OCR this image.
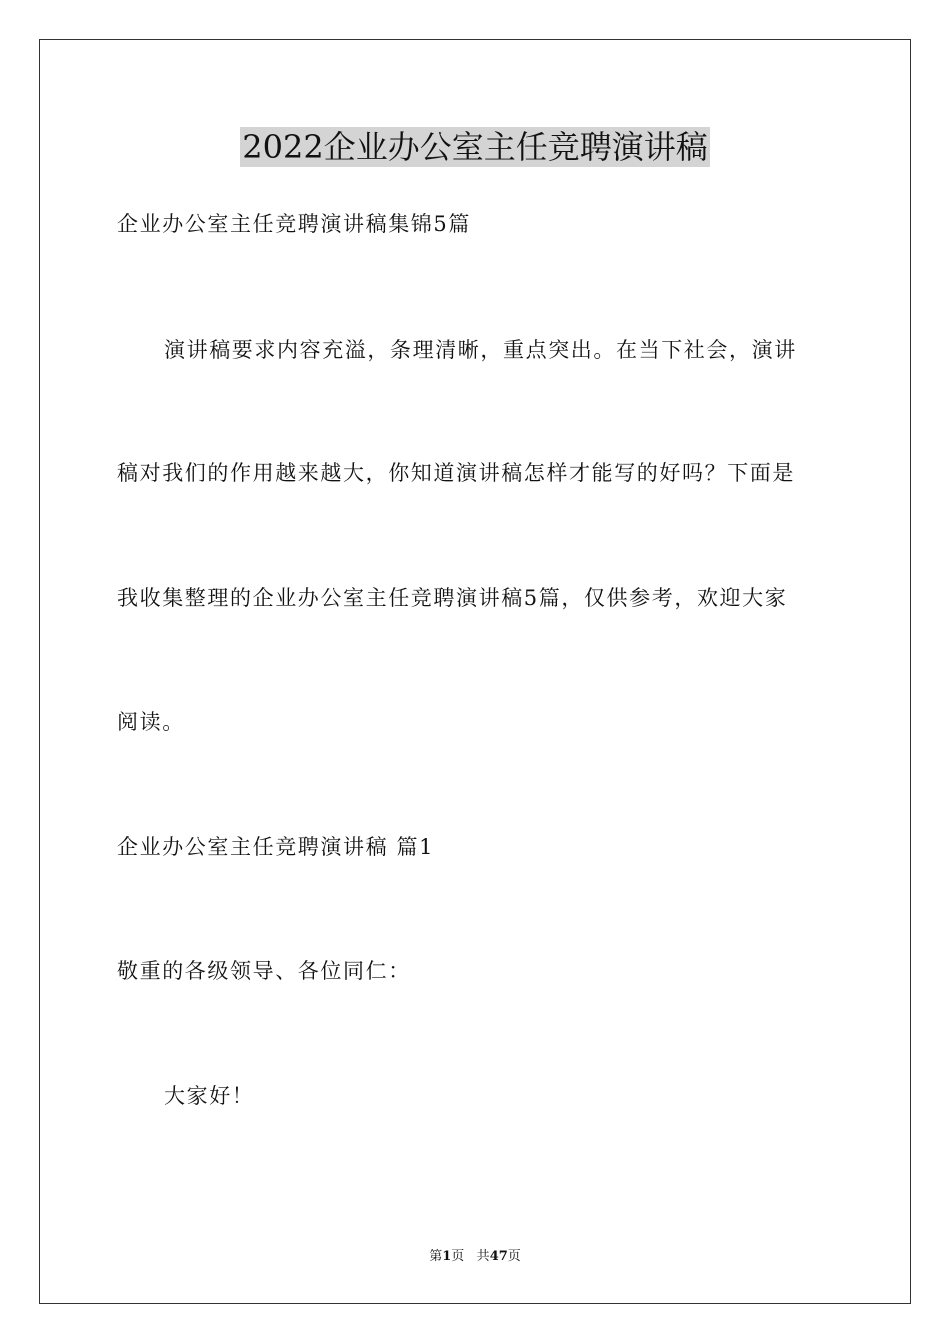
2022企业办公室主任竞聘演讲稿
企业办公室主任竞聘演讲稿集锦5篇
演讲稿要求内容充溢，条理清晰，重点突出。在当下社会，演讲
稿对我们的作用越来越大，你知道演讲稿怎样才能写的好吗？下面是
我收集整理的企业办公室主任竞聘演讲稿5篇，仅供参考，欢迎大家
阅读。
企业办公室主任竞聘演讲稿 篇1
敬重的各级领导、各位同仁：
大家好！
第1页 共47页
